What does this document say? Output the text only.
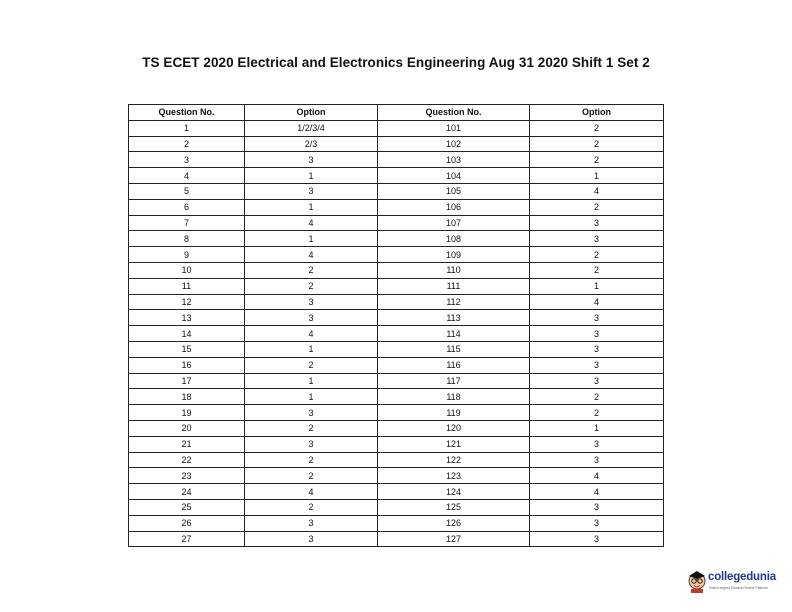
TS ECET 2020 Electrical and Electronics Engineering Aug 31 2020 Shift 1 Set 2
Question No.	Option	Question No.	Option
1	1/2/3/4	101	2
2	2/3	102	2
3	3	103	2
4	1	104	1
5	3	105	4
6	1	106	2
7	4	107	3
8	1	108	3
9	4	109	2
10	2	110	2
11	2	111	1
12	3	112	4
13	3	113	3
14	4	114	3
15	1	115	3
16	2	116	3
17	1	117	3
18	1	118	2
19	3	119	2
20	2	120	1
21	3	121	3
22	2	122	3
23	2	123	4
24	4	124	4
25	2	125	3
26	3	126	3
27	3	127	3
collegedunia
India's largest Student Review Platform
